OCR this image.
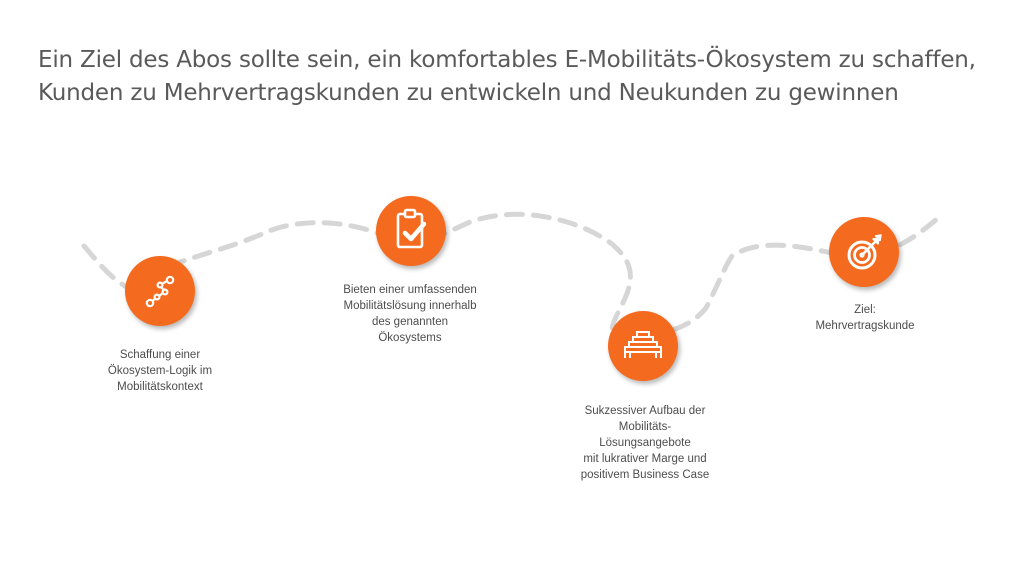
Ein Ziel des Abos sollte sein, ein komfortables E-Mobilitäts-Ökosystem zu schaffen,
Kunden zu Mehrvertragskunden zu entwickeln und Neukunden zu gewinnen
Schaffung einer
Ökosystem-Logik im
Mobilitätskontext
Bieten einer umfassenden
Mobilitätslösung innerhalb
des genannten
Ökosystems
Sukzessiver Aufbau der
Mobilitäts-
Lösungsangebote
mit lukrativer Marge und
positivem Business Case
Ziel:
Mehrvertragskunde
